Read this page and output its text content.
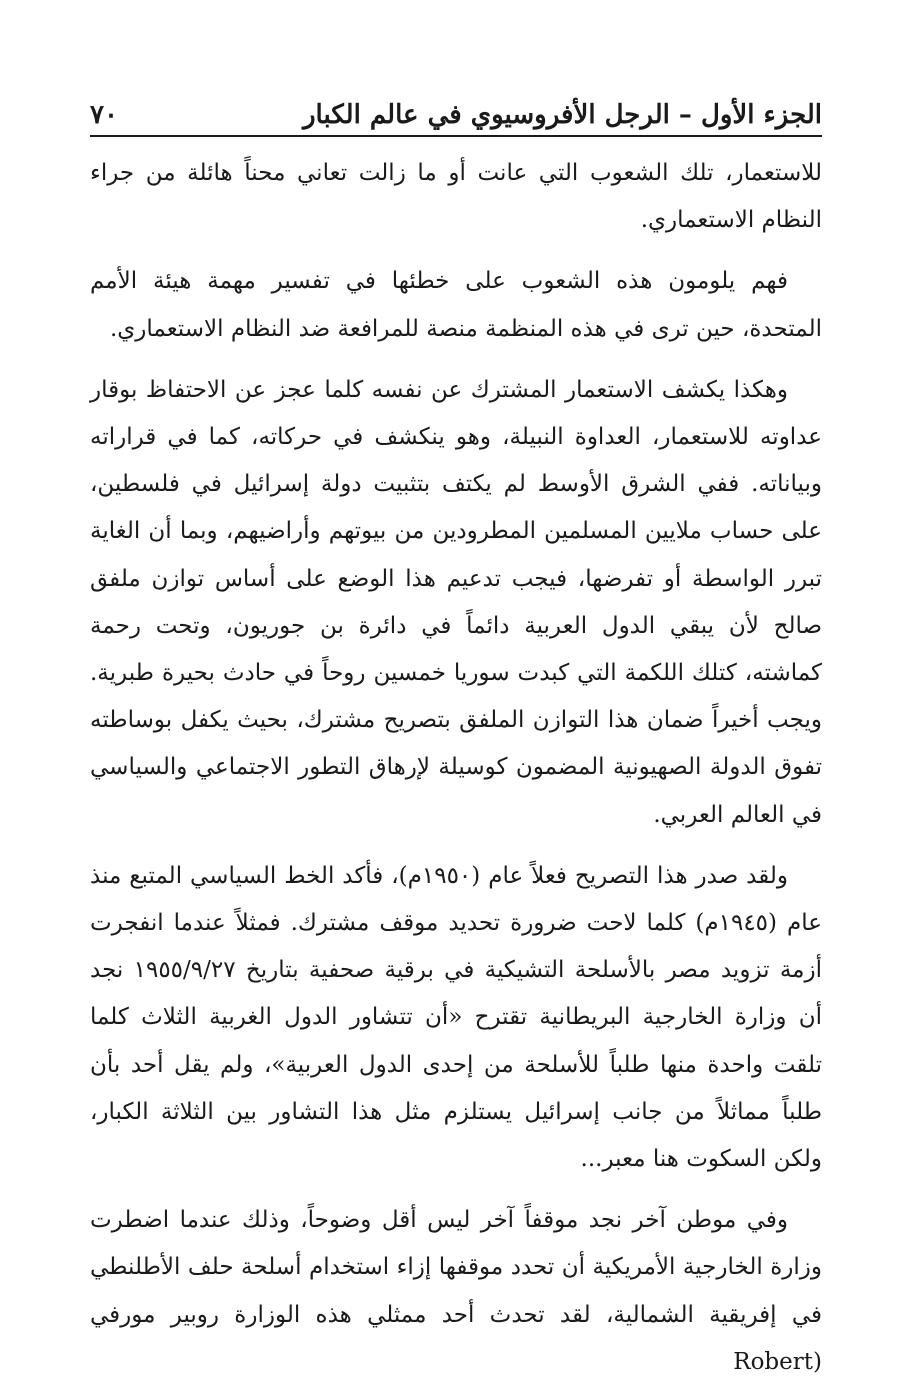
الجزء الأول – الرجل الأفروسيوي في عالم الكبار
٧٠

للاستعمار، تلك الشعوب التي عانت أو ما زالت تعاني محناً هائلة من جراء النظام الاستعماري.

فهم يلومون هذه الشعوب على خطئها في تفسير مهمة هيئة الأمم المتحدة، حين ترى في هذه المنظمة منصة للمرافعة ضد النظام الاستعماري.

وهكذا يكشف الاستعمار المشترك عن نفسه كلما عجز عن الاحتفاظ بوقار عداوته للاستعمار، العداوة النبيلة، وهو ينكشف في حركاته، كما في قراراته وبياناته. ففي الشرق الأوسط لم يكتف بتثبيت دولة إسرائيل في فلسطين، على حساب ملايين المسلمين المطرودين من بيوتهم وأراضيهم، وبما أن الغاية تبرر الواسطة أو تفرضها، فيجب تدعيم هذا الوضع على أساس توازن ملفق صالح لأن يبقي الدول العربية دائماً في دائرة بن جوريون، وتحت رحمة كماشته، كتلك اللكمة التي كبدت سوريا خمسين روحاً في حادث بحيرة طبرية. ويجب أخيراً ضمان هذا التوازن الملفق بتصريح مشترك، بحيث يكفل بوساطته تفوق الدولة الصهيونية المضمون كوسيلة لإرهاق التطور الاجتماعي والسياسي في العالم العربي.

ولقد صدر هذا التصريح فعلاً عام (١٩٥٠م)، فأكد الخط السياسي المتبع منذ عام (١٩٤٥م) كلما لاحت ضرورة تحديد موقف مشترك. فمثلاً عندما انفجرت أزمة تزويد مصر بالأسلحة التشيكية في برقية صحفية بتاريخ ١٩٥٥/٩/٢٧ نجد أن وزارة الخارجية البريطانية تقترح «أن تتشاور الدول الغربية الثلاث كلما تلقت واحدة منها طلباً للأسلحة من إحدى الدول العربية»، ولم يقل أحد بأن طلباً مماثلاً من جانب إسرائيل يستلزم مثل هذا التشاور بين الثلاثة الكبار، ولكن السكوت هنا معبر...

وفي موطن آخر نجد موقفاً آخر ليس أقل وضوحاً، وذلك عندما اضطرت وزارة الخارجية الأمريكية أن تحدد موقفها إزاء استخدام أسلحة حلف الأطلنطي في إفريقية الشمالية، لقد تحدث أحد ممثلي هذه الوزارة روبير مورفي (Robert
